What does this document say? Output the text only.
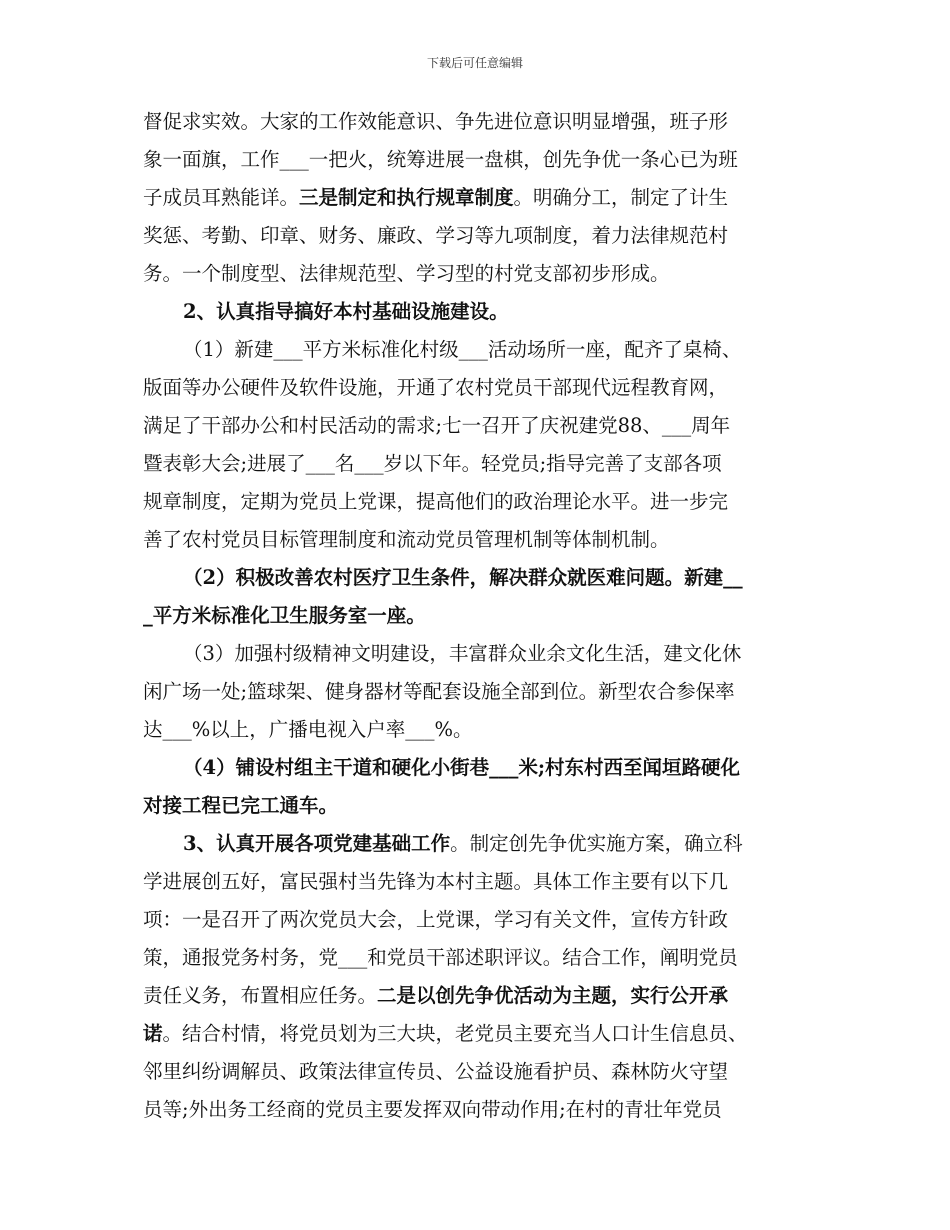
下载后可任意编辑
督促求实效。大家的工作效能意识、争先进位意识明显增强，班子形
象一面旗，工作___一把火，统筹进展一盘棋，创先争优一条心已为班
子成员耳熟能详。三是制定和执行规章制度。明确分工，制定了计生
奖惩、考勤、印章、财务、廉政、学习等九项制度，着力法律规范村
务。一个制度型、法律规范型、学习型的村党支部初步形成。
2、认真指导搞好本村基础设施建设。
（1）新建___平方米标准化村级___活动场所一座，配齐了桌椅、
版面等办公硬件及软件设施，开通了农村党员干部现代远程教育网，
满足了干部办公和村民活动的需求;七一召开了庆祝建党88、___周年
暨表彰大会;进展了___名___岁以下年。轻党员;指导完善了支部各项
规章制度，定期为党员上党课，提高他们的政治理论水平。进一步完
善了农村党员目标管理制度和流动党员管理机制等体制机制。
（2）积极改善农村医疗卫生条件，解决群众就医难问题。新建__
_平方米标准化卫生服务室一座。
（3）加强村级精神文明建设，丰富群众业余文化生活，建文化休
闲广场一处;篮球架、健身器材等配套设施全部到位。新型农合参保率
达___%以上，广播电视入户率___%。
（4）铺设村组主干道和硬化小街巷___米;村东村西至闻垣路硬化
对接工程已完工通车。
3、认真开展各项党建基础工作。制定创先争优实施方案，确立科
学进展创五好，富民强村当先锋为本村主题。具体工作主要有以下几
项：一是召开了两次党员大会，上党课，学习有关文件，宣传方针政
策，通报党务村务，党___和党员干部述职评议。结合工作，阐明党员
责任义务，布置相应任务。二是以创先争优活动为主题，实行公开承
诺。结合村情，将党员划为三大块，老党员主要充当人口计生信息员、
邻里纠纷调解员、政策法律宣传员、公益设施看护员、森林防火守望
员等;外出务工经商的党员主要发挥双向带动作用;在村的青壮年党员
